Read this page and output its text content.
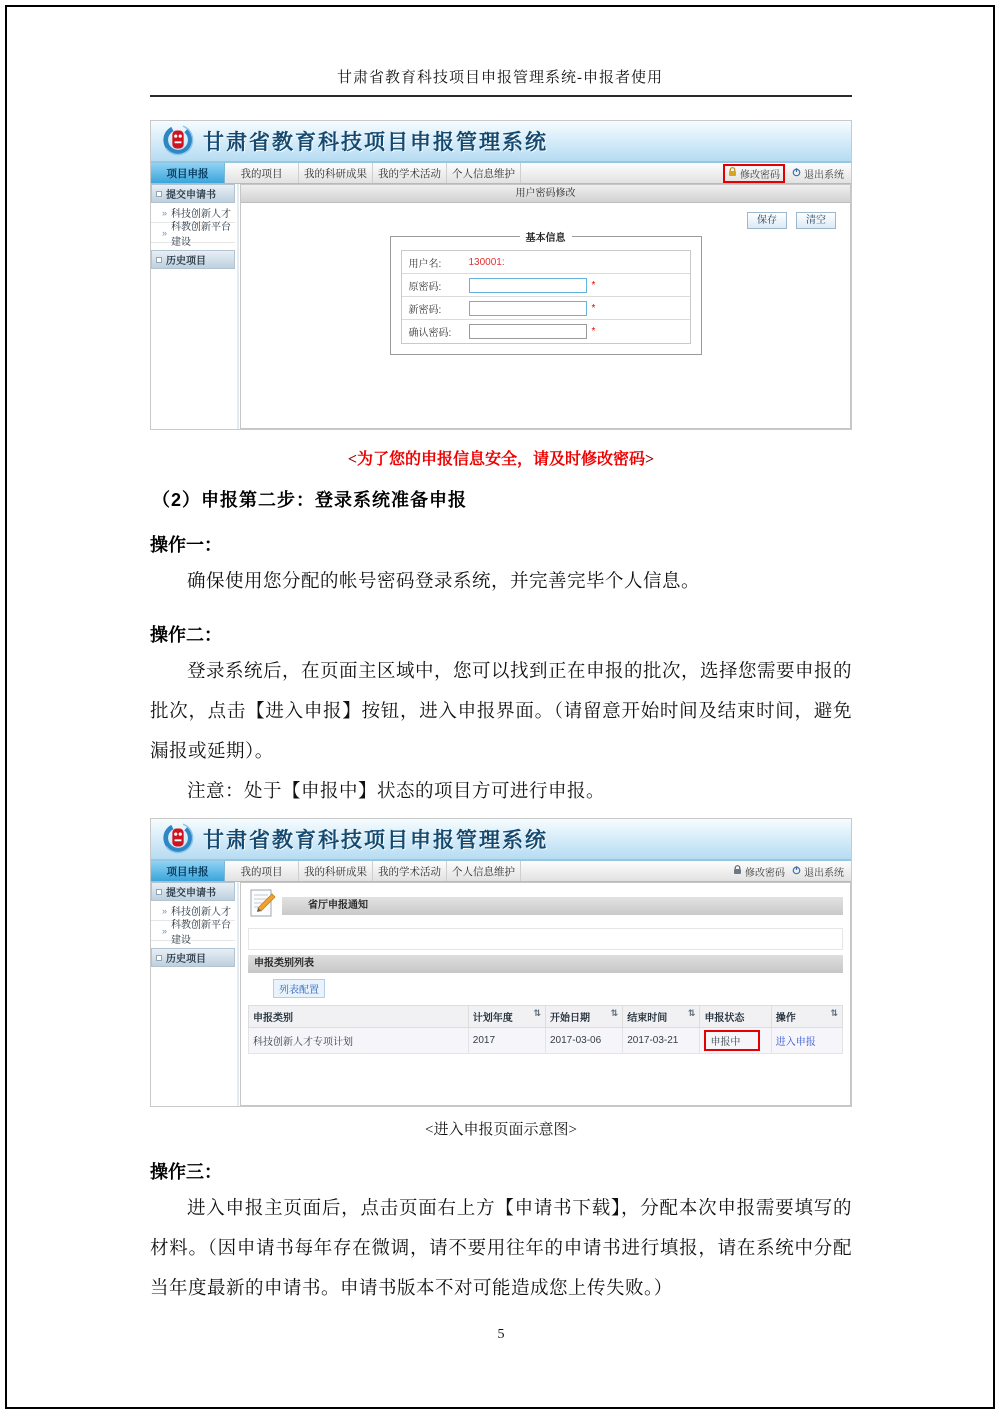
甘肃省教育科技项目申报管理系统-申报者使用
甘肃省教育科技项目申报管理系统
项目申报	我的项目	我的科研成果	我的学术活动	个人信息维护	修改密码 退出系统
提交申请书
» 科技创新人才
» 科教创新平台建设
历史项目
用户密码修改
保存	清空
基本信息
用户名:	130001:
原密码:	*
新密码:	*
确认密码:	*
<为了您的申报信息安全，请及时修改密码>
（2）申报第二步：登录系统准备申报
操作一：

确保使用您分配的帐号密码登录系统，并完善完毕个人信息。

操作二：

登录系统后，在页面主区域中，您可以找到正在申报的批次，选择您需要申报的批次，点击【进入申报】按钮，进入申报界面。（请留意开始时间及结束时间，避免漏报或延期）。

注意：处于【申报中】状态的项目方可进行申报。

甘肃省教育科技项目申报管理系统
项目申报	我的项目	我的科研成果	我的学术活动	个人信息维护	修改密码 退出系统
提交申请书
» 科技创新人才
» 科教创新平台建设
历史项目
省厅申报通知
申报类别列表
列表配置
申报类别	计划年度 ⇅	开始日期 ⇅	结束时间 ⇅	申报状态	操作 ⇅

科技创新人才专项计划	2017	2017-03-06	2017-03-21	申报中	进入申报
<进入申报页面示意图>
操作三：

进入申报主页面后，点击页面右上方【申请书下载】，分配本次申报需要填写的材料。（因申请书每年存在微调，请不要用往年的申请书进行填报，请在系统中分配当年度最新的申请书。申请书版本不对可能造成您上传失败。）

5
